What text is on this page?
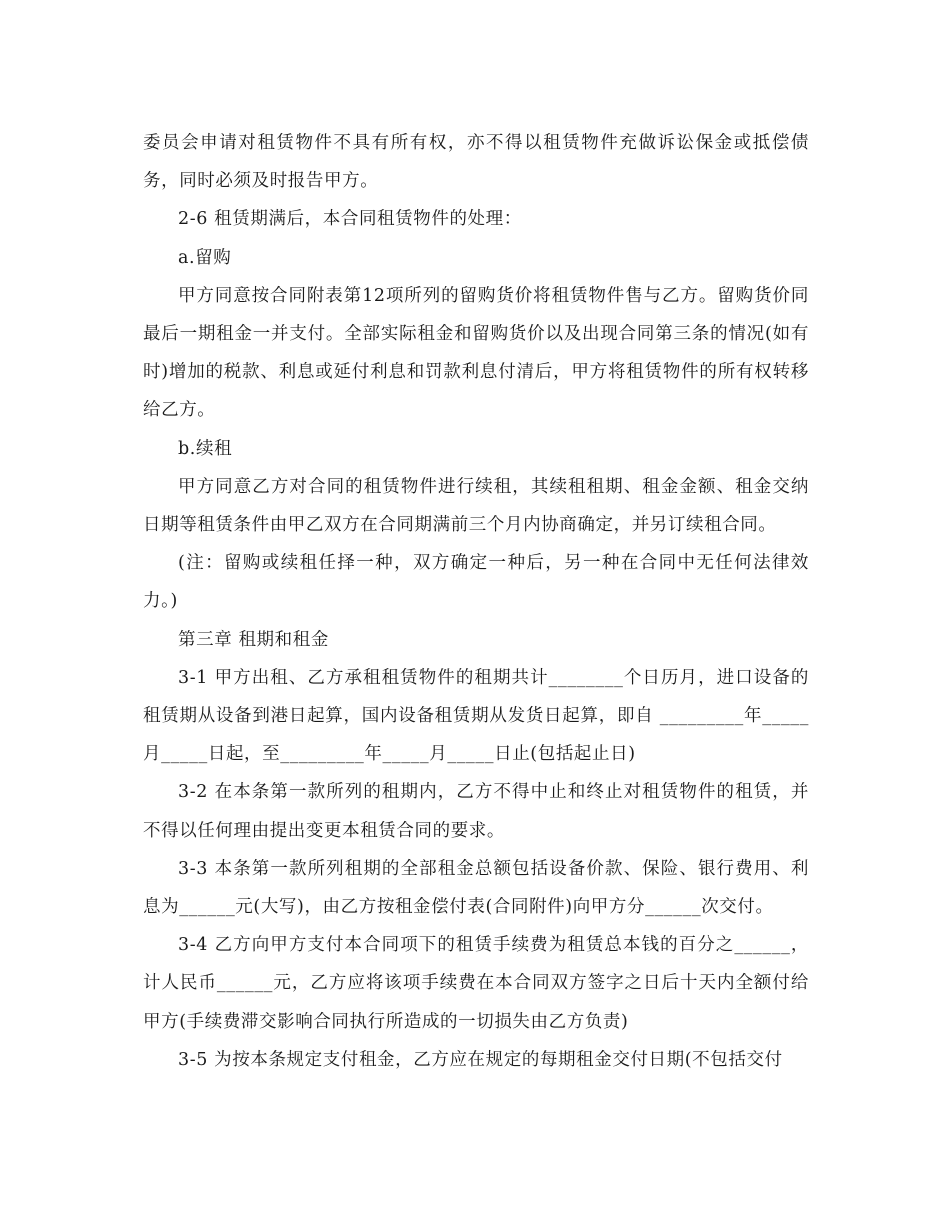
委员会申请对租赁物件不具有所有权，亦不得以租赁物件充做诉讼保金或抵偿债务，同时必须及时报告甲方。

2-6 租赁期满后，本合同租赁物件的处理：

a.留购

甲方同意按合同附表第12项所列的留购货价将租赁物件售与乙方。留购货价同最后一期租金一并支付。全部实际租金和留购货价以及出现合同第三条的情况(如有时)增加的税款、利息或延付利息和罚款利息付清后，甲方将租赁物件的所有权转移给乙方。

b.续租

甲方同意乙方对合同的租赁物件进行续租，其续租租期、租金金额、租金交纳日期等租赁条件由甲乙双方在合同期满前三个月内协商确定，并另订续租合同。

(注：留购或续租任择一种，双方确定一种后，另一种在合同中无任何法律效力。)

第三章 租期和租金

3-1 甲方出租、乙方承租租赁物件的租期共计________个日历月，进口设备的租赁期从设备到港日起算，国内设备租赁期从发货日起算，即自 _________年_____月_____日起，至_________年_____月_____日止(包括起止日)

3-2 在本条第一款所列的租期内，乙方不得中止和终止对租赁物件的租赁，并不得以任何理由提出变更本租赁合同的要求。

3-3 本条第一款所列租期的全部租金总额包括设备价款、保险、银行费用、利息为______元(大写)，由乙方按租金偿付表(合同附件)向甲方分______次交付。

3-4 乙方向甲方支付本合同项下的租赁手续费为租赁总本钱的百分之______，计人民币______元，乙方应将该项手续费在本合同双方签字之日后十天内全额付给甲方(手续费滞交影响合同执行所造成的一切损失由乙方负责)

3-5 为按本条规定支付租金，乙方应在规定的每期租金交付日期(不包括交付
